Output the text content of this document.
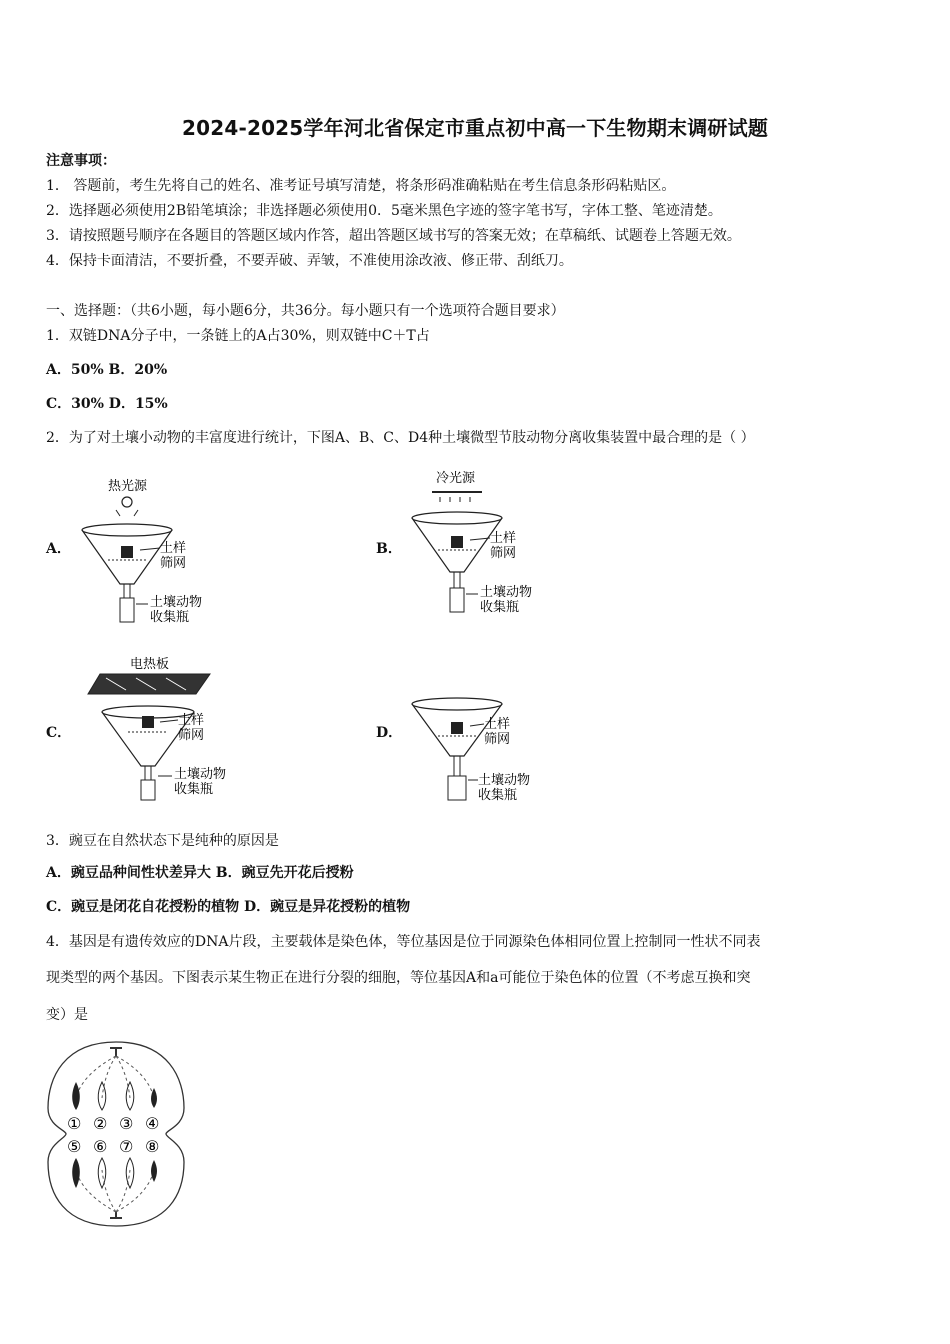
2024-2025学年河北省保定市重点初中高一下生物期末调研试题
注意事项：
1． 答题前，考生先将自己的姓名、准考证号填写清楚，将条形码准确粘贴在考生信息条形码粘贴区。
2．选择题必须使用2B铅笔填涂；非选择题必须使用0．5毫米黑色字迹的签字笔书写，字体工整、笔迹清楚。
3．请按照题号顺序在各题目的答题区域内作答，超出答题区域书写的答案无效；在草稿纸、试题卷上答题无效。
4．保持卡面清洁，不要折叠，不要弄破、弄皱，不准使用涂改液、修正带、刮纸刀。
一、选择题：（共6小题，每小题6分，共36分。每小题只有一个选项符合题目要求）
1．双链DNA分子中，一条链上的A占30%，则双链中C＋T占
A．50% B．20%
C．30% D．15%
2．为了对土壤小动物的丰富度进行统计，下图A、B、C、D4种土壤微型节肢动物分离收集装置中最合理的是（ ）
A．	B．
C．	D．
热光源
土样
筛网
土壤动物
收集瓶
冷光源
土样
筛网
土壤动物
收集瓶
电热板
土样
筛网
土壤动物
收集瓶
土样
筛网
土壤动物
收集瓶
3．豌豆在自然状态下是纯种的原因是
A．豌豆品种间性状差异大 B．豌豆先开花后授粉
C．豌豆是闭花自花授粉的植物 D．豌豆是异花授粉的植物
4．基因是有遗传效应的DNA片段，主要载体是染色体，等位基因是位于同源染色体相同位置上控制同一性状不同表
现类型的两个基因。下图表示某生物正在进行分裂的细胞，等位基因A和a可能位于染色体的位置（不考虑互换和突
变）是
① ② ③ ④
⑤ ⑥ ⑦ ⑧
